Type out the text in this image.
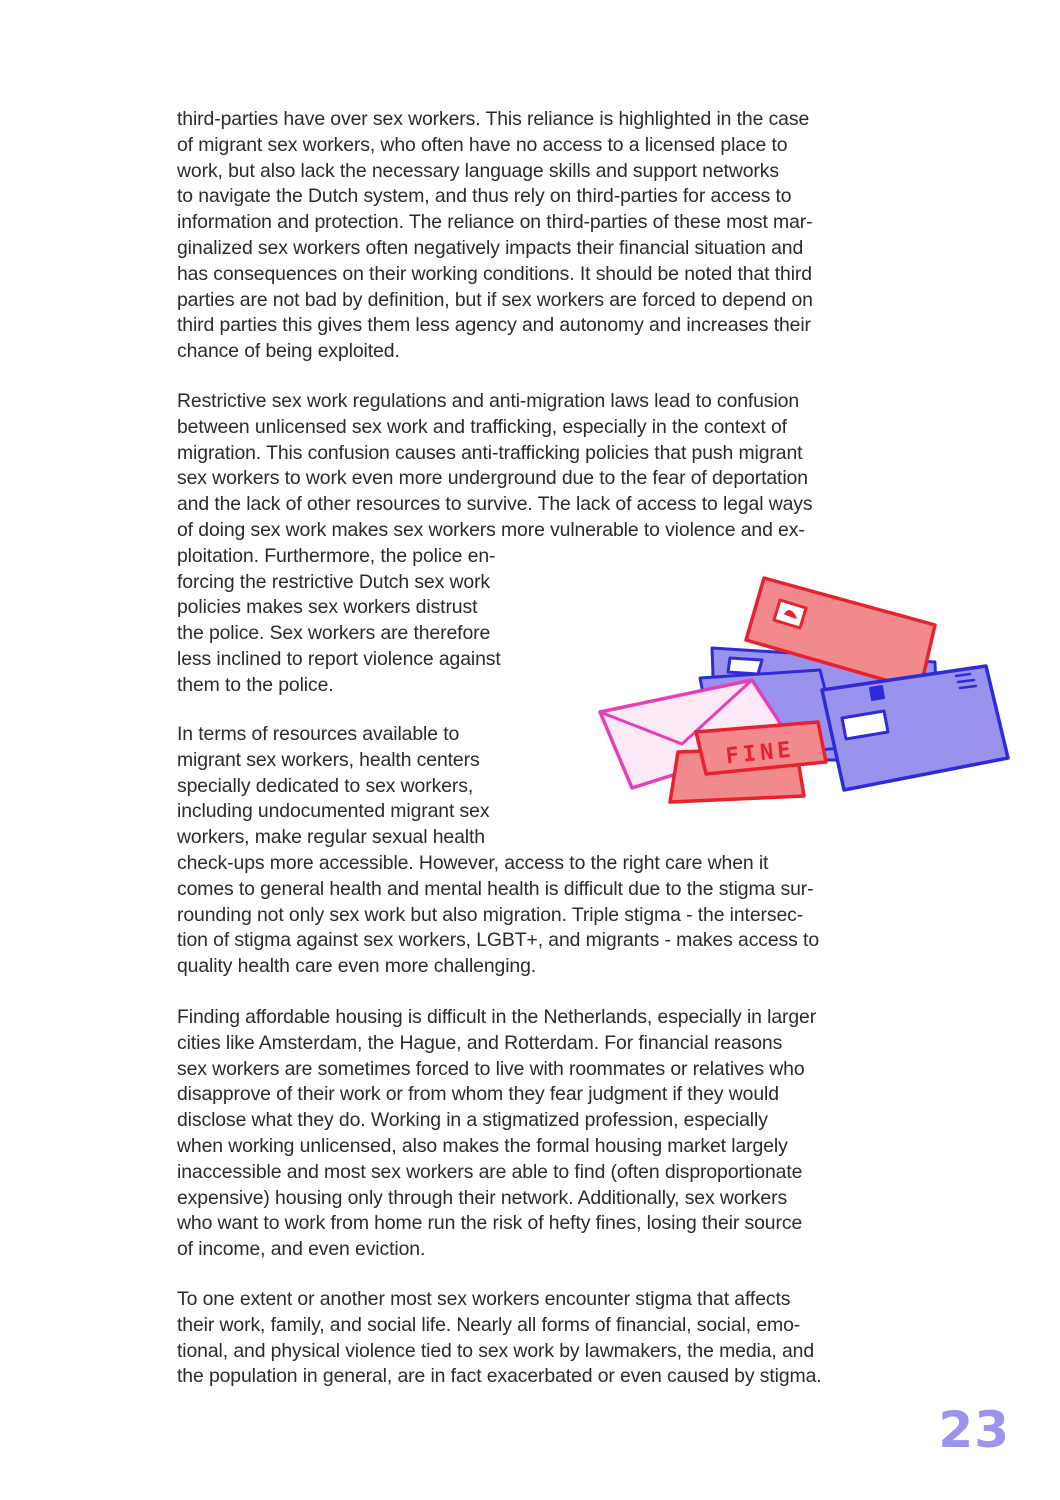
third-parties have over sex workers. This reliance is highlighted in the case
of migrant sex workers, who often have no access to a licensed place to
work, but also lack the necessary language skills and support networks
to navigate the Dutch system, and thus rely on third-parties for access to
information and protection. The reliance on third-parties of these most mar-
ginalized sex workers often negatively impacts their financial situation and
has consequences on their working conditions. It should be noted that third
parties are not bad by definition, but if sex workers are forced to depend on
third parties this gives them less agency and autonomy and increases their
chance of being exploited.
Restrictive sex work regulations and anti-migration laws lead to confusion
between unlicensed sex work and trafficking, especially in the context of
migration. This confusion causes anti-trafficking policies that push migrant
sex workers to work even more underground due to the fear of deportation
and the lack of other resources to survive. The lack of access to legal ways
of doing sex work makes sex workers more vulnerable to violence and ex-
ploitation. Furthermore, the police en-
forcing the restrictive Dutch sex work
policies makes sex workers distrust
the police. Sex workers are therefore
less inclined to report violence against
them to the police.
In terms of resources available to
migrant sex workers, health centers
specially dedicated to sex workers,
including undocumented migrant sex
workers, make regular sexual health
check-ups more accessible. However, access to the right care when it
comes to general health and mental health is difficult due to the stigma sur-
rounding not only sex work but also migration. Triple stigma - the intersec-
tion of stigma against sex workers, LGBT+, and migrants - makes access to
quality health care even more challenging.
Finding affordable housing is difficult in the Netherlands, especially in larger
cities like Amsterdam, the Hague, and Rotterdam. For financial reasons
sex workers are sometimes forced to live with roommates or relatives who
disapprove of their work or from whom they fear judgment if they would
disclose what they do. Working in a stigmatized profession, especially
when working unlicensed, also makes the formal housing market largely
inaccessible and most sex workers are able to find (often disproportionate
expensive) housing only through their network. Additionally, sex workers
who want to work from home run the risk of hefty fines, losing their source
of income, and even eviction.
To one extent or another most sex workers encounter stigma that affects
their work, family, and social life. Nearly all forms of financial, social, emo-
tional, and physical violence tied to sex work by lawmakers, the media, and
the population in general, are in fact exacerbated or even caused by stigma.
FINE
23
